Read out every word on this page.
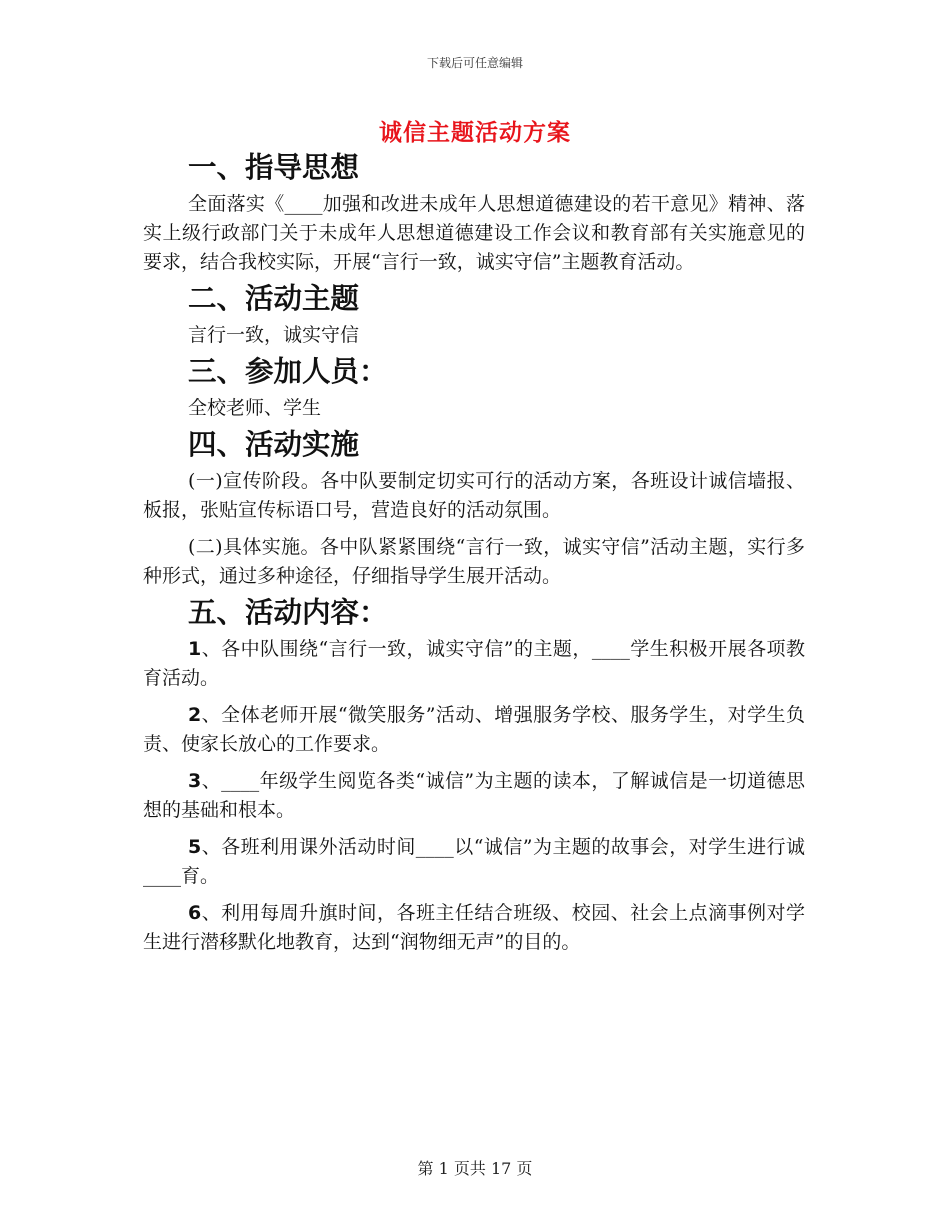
下载后可任意编辑
诚信主题活动方案
一、指导思想

全面落实《____加强和改进未成年人思想道德建设的若干意见》精神、落实上级行政部门关于未成年人思想道德建设工作会议和教育部有关实施意见的要求，结合我校实际，开展“言行一致，诚实守信”主题教育活动。

二、活动主题

言行一致，诚实守信

三、参加人员：

全校老师、学生

四、活动实施

(一)宣传阶段。各中队要制定切实可行的活动方案，各班设计诚信墙报、板报，张贴宣传标语口号，营造良好的活动氛围。

(二)具体实施。各中队紧紧围绕“言行一致，诚实守信”活动主题，实行多种形式，通过多种途径，仔细指导学生展开活动。

五、活动内容：

1、各中队围绕“言行一致，诚实守信”的主题，____学生积极开展各项教育活动。

2、全体老师开展“微笑服务”活动、增强服务学校、服务学生，对学生负责、使家长放心的工作要求。

3、____年级学生阅览各类“诚信”为主题的读本，了解诚信是一切道德思想的基础和根本。

5、各班利用课外活动时间____以“诚信”为主题的故事会，对学生进行诚____育。

6、利用每周升旗时间，各班主任结合班级、校园、社会上点滴事例对学生进行潜移默化地教育，达到“润物细无声”的目的。

第 1 页共 17 页
